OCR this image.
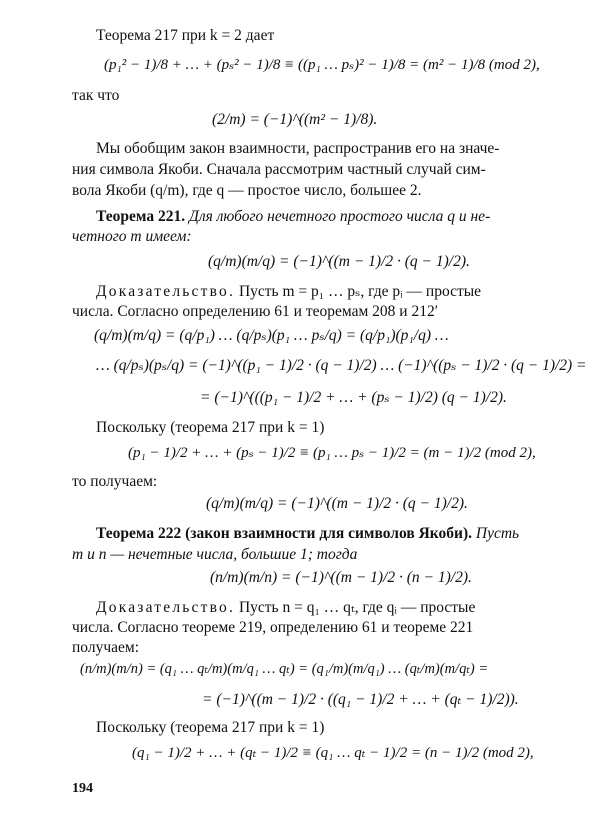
Теорема 217 при k = 2 дает
(p₁² − 1)/8 + … + (pₛ² − 1)/8 ≡ ((p₁ … pₛ)² − 1)/8 = (m² − 1)/8 (mod 2),
так что
(2/m) = (−1)^((m² − 1)/8).
Мы обобщим закон взаимности, распространив его на значе-
ния символа Якоби. Сначала рассмотрим частный случай сим-
вола Якоби (q/m), где q — простое число, большее 2.
Теорема 221. Для любого нечетного простого числа q и не-
четного m имеем:
(q/m)(m/q) = (−1)^((m − 1)/2 · (q − 1)/2).
Доказательство. Пусть m = p₁ … pₛ, где pᵢ — простые
числа. Согласно определению 61 и теоремам 208 и 212′
(q/m)(m/q) = (q/p₁) … (q/pₛ)(p₁ … pₛ/q) = (q/p₁)(p₁/q) …
… (q/pₛ)(pₛ/q) = (−1)^((p₁ − 1)/2 · (q − 1)/2) … (−1)^((pₛ − 1)/2 · (q − 1)/2) =
= (−1)^(((p₁ − 1)/2 + … + (pₛ − 1)/2) (q − 1)/2).
Поскольку (теорема 217 при k = 1)
(p₁ − 1)/2 + … + (pₛ − 1)/2 ≡ (p₁ … pₛ − 1)/2 = (m − 1)/2 (mod 2),
то получаем:
(q/m)(m/q) = (−1)^((m − 1)/2 · (q − 1)/2).
Теорема 222 (закон взаимности для символов Якоби). Пусть
m и n — нечетные числа, большие 1; тогда
(n/m)(m/n) = (−1)^((m − 1)/2 · (n − 1)/2).
Доказательство. Пусть n = q₁ … qₜ, где qᵢ — простые
числа. Согласно теореме 219, определению 61 и теореме 221
получаем:
(n/m)(m/n) = (q₁ … qₜ/m)(m/q₁ … qₜ) = (q₁/m)(m/q₁) … (qₜ/m)(m/qₜ) =
= (−1)^((m − 1)/2 · ((q₁ − 1)/2 + … + (qₜ − 1)/2)).
Поскольку (теорема 217 при k = 1)
(q₁ − 1)/2 + … + (qₜ − 1)/2 ≡ (q₁ … qₜ − 1)/2 = (n − 1)/2 (mod 2),
194
